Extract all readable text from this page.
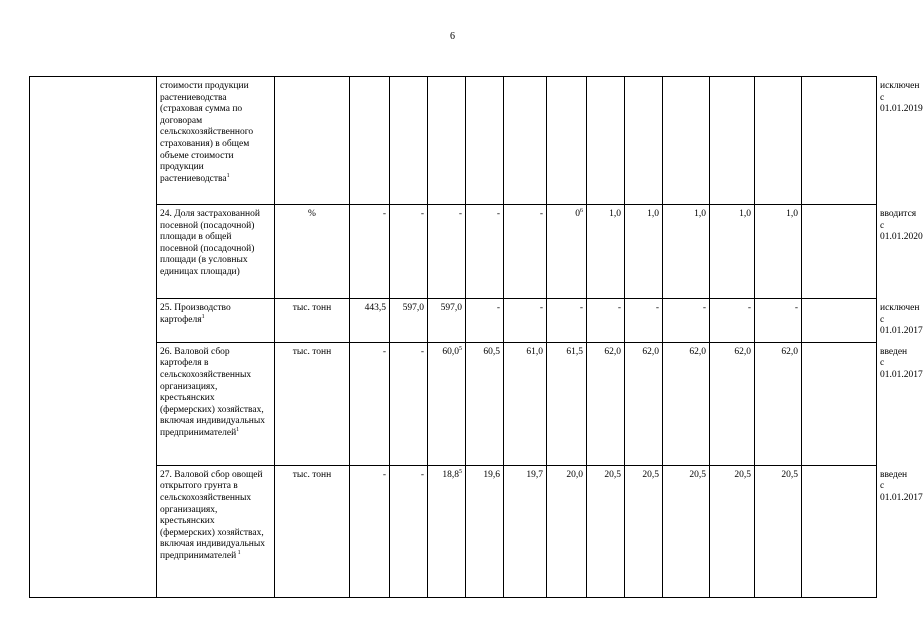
6
	стоимости продукции растениеводства (страховая сумма по договорам сельскохозяйственного страхования) в общем объеме стоимости продукции растениеводства$^1$														исключен с 01.01.2019
	24. Доля застрахованной посевной (посадочной) площади в общей посевной (посадочной) площади (в условных единицах площади)	%	-	-	-	-	-	$0^6$	1,0	1,0	1,0	1,0	1,0		вводится с 01.01.2020
	25. Производство картофеля$^1$	тыс. тонн	443,5	597,0	597,0	-	-	-	-	-	-	-	-		исключен с 01.01.2017
	26. Валовой сбор картофеля в сельскохозяйственных организациях, крестьянских (фермерских) хозяйствах, включая индивидуальных предпринимателей$^1$	тыс. тонн	-	-	60,0$^5$	60,5	61,0	61,5	62,0	62,0	62,0	62,0	62,0		введен с 01.01.2017
	27. Валовой сбор овощей открытого грунта в сельскохозяйственных организациях, крестьянских (фермерских) хозяйствах, включая индивидуальных предпринимателей $^1$	тыс. тонн	-	-	18,8$^5$	19,6	19,7	20,0	20,5	20,5	20,5	20,5	20,5		введен с 01.01.2017
